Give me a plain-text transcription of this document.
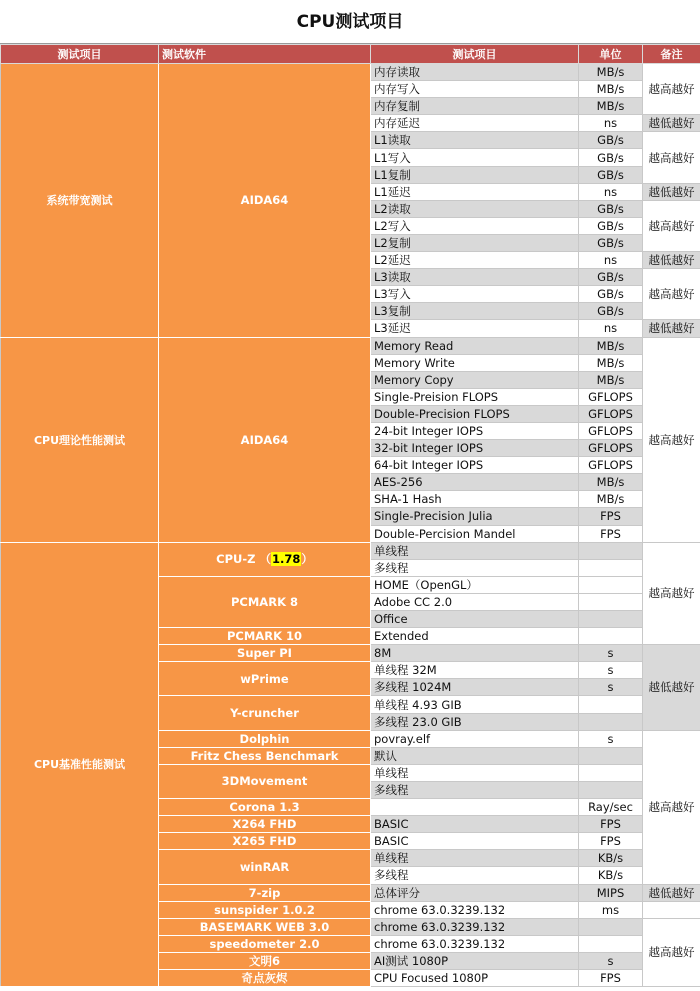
CPU测试项目
测试项目	测试软件	测试项目	单位	备注
系统带宽测试	AIDA64	内存读取	MB/s	越高越好
		内存写入	MB/s	
		内存复制	MB/s	
		内存延迟	ns	越低越好
		L1读取	GB/s	越高越好
		L1写入	GB/s	
		L1复制	GB/s	
		L1延迟	ns	越低越好
		L2读取	GB/s	越高越好
		L2写入	GB/s	
		L2复制	GB/s	
		L2延迟	ns	越低越好
		L3读取	GB/s	越高越好
		L3写入	GB/s	
		L3复制	GB/s	
		L3延迟	ns	越低越好
CPU理论性能测试	AIDA64	Memory Read	MB/s	越高越好
		Memory Write	MB/s	
		Memory Copy	MB/s	
		Single-Preision FLOPS	GFLOPS	
		Double-Precision FLOPS	GFLOPS	
		24-bit Integer IOPS	GFLOPS	
		32-bit Integer IOPS	GFLOPS	
		64-bit Integer IOPS	GFLOPS	
		AES-256	MB/s	
		SHA-1 Hash	MB/s	
		Single-Precision Julia	FPS	
		Double-Percision Mandel	FPS	
CPU基准性能测试	CPU-Z （1.78）	单线程		越高越好
		多线程		
	PCMARK 8	HOME（OpenGL）		
		Adobe CC 2.0		
		Office		
	PCMARK 10	Extended		
	Super PI	8M	s	越低越好
	wPrime	单线程 32M	s	
		多线程 1024M	s	
	Y-cruncher	单线程 4.93 GIB		
		多线程 23.0 GIB		
	Dolphin	povray.elf	s	越高越好
	Fritz Chess Benchmark	默认		
	3DMovement	单线程		
		多线程		
	Corona 1.3		Ray/sec	
	X264 FHD	BASIC	FPS	
	X265 FHD	BASIC	FPS	
	winRAR	单线程	KB/s	
		多线程	KB/s	
	7-zip	总体评分	MIPS	越低越好
	sunspider 1.0.2	chrome 63.0.3239.132	ms	
	BASEMARK WEB 3.0	chrome 63.0.3239.132		越高越好
	speedometer 2.0	chrome 63.0.3239.132		
	文明6	AI测试 1080P	s	
	奇点灰烬	CPU Focused 1080P	FPS	
